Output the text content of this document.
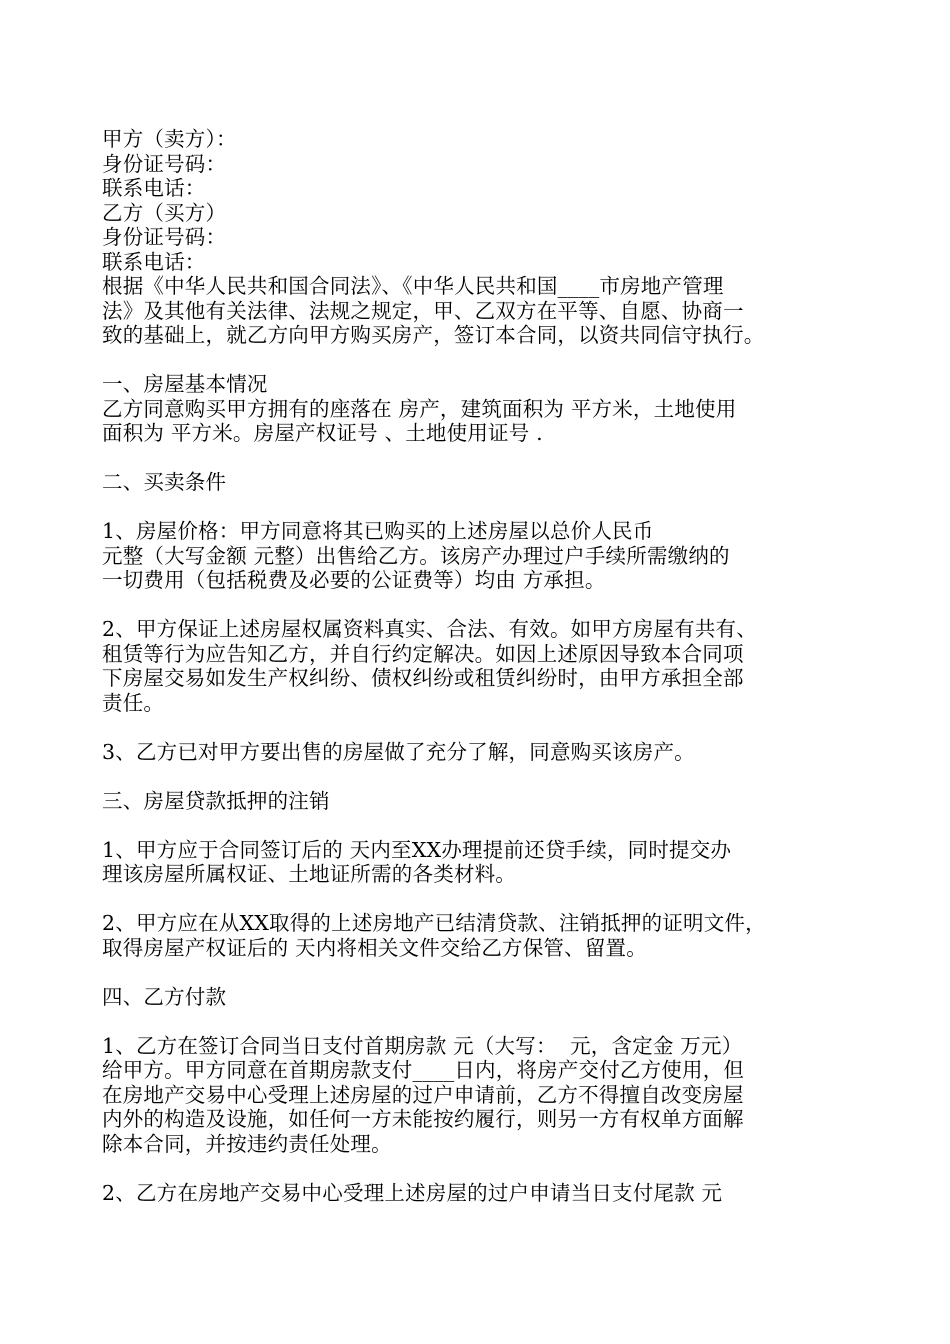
甲方（卖方）：
身份证号码：
联系电话：
乙方（买方）
身份证号码：
联系电话：
根据《中华人民共和国合同法》、《中华人民共和国____市房地产管理
法》及其他有关法律、法规之规定，甲、乙双方在平等、自愿、协商一
致的基础上，就乙方向甲方购买房产，签订本合同，以资共同信守执行。
一、房屋基本情况
乙方同意购买甲方拥有的座落在 房产，建筑面积为 平方米，土地使用
面积为 平方米。房屋产权证号 、土地使用证号 .
二、买卖条件
1、房屋价格：甲方同意将其已购买的上述房屋以总价人民币
元整（大写金额 元整）出售给乙方。该房产办理过户手续所需缴纳的
一切费用（包括税费及必要的公证费等）均由 方承担。
2、甲方保证上述房屋权属资料真实、合法、有效。如甲方房屋有共有、
租赁等行为应告知乙方，并自行约定解决。如因上述原因导致本合同项
下房屋交易如发生产权纠纷、债权纠纷或租赁纠纷时，由甲方承担全部
责任。
3、乙方已对甲方要出售的房屋做了充分了解，同意购买该房产。
三、房屋贷款抵押的注销
1、甲方应于合同签订后的 天内至XX办理提前还贷手续，同时提交办
理该房屋所属权证、土地证所需的各类材料。
2、甲方应在从XX取得的上述房地产已结清贷款、注销抵押的证明文件，
取得房屋产权证后的 天内将相关文件交给乙方保管、留置。
四、乙方付款
1、乙方在签订合同当日支付首期房款 元（大写：  元，含定金 万元）
给甲方。甲方同意在首期房款支付____日内，将房产交付乙方使用，但
在房地产交易中心受理上述房屋的过户申请前，乙方不得擅自改变房屋
内外的构造及设施，如任何一方未能按约履行，则另一方有权单方面解
除本合同，并按违约责任处理。
2、乙方在房地产交易中心受理上述房屋的过户申请当日支付尾款 元
